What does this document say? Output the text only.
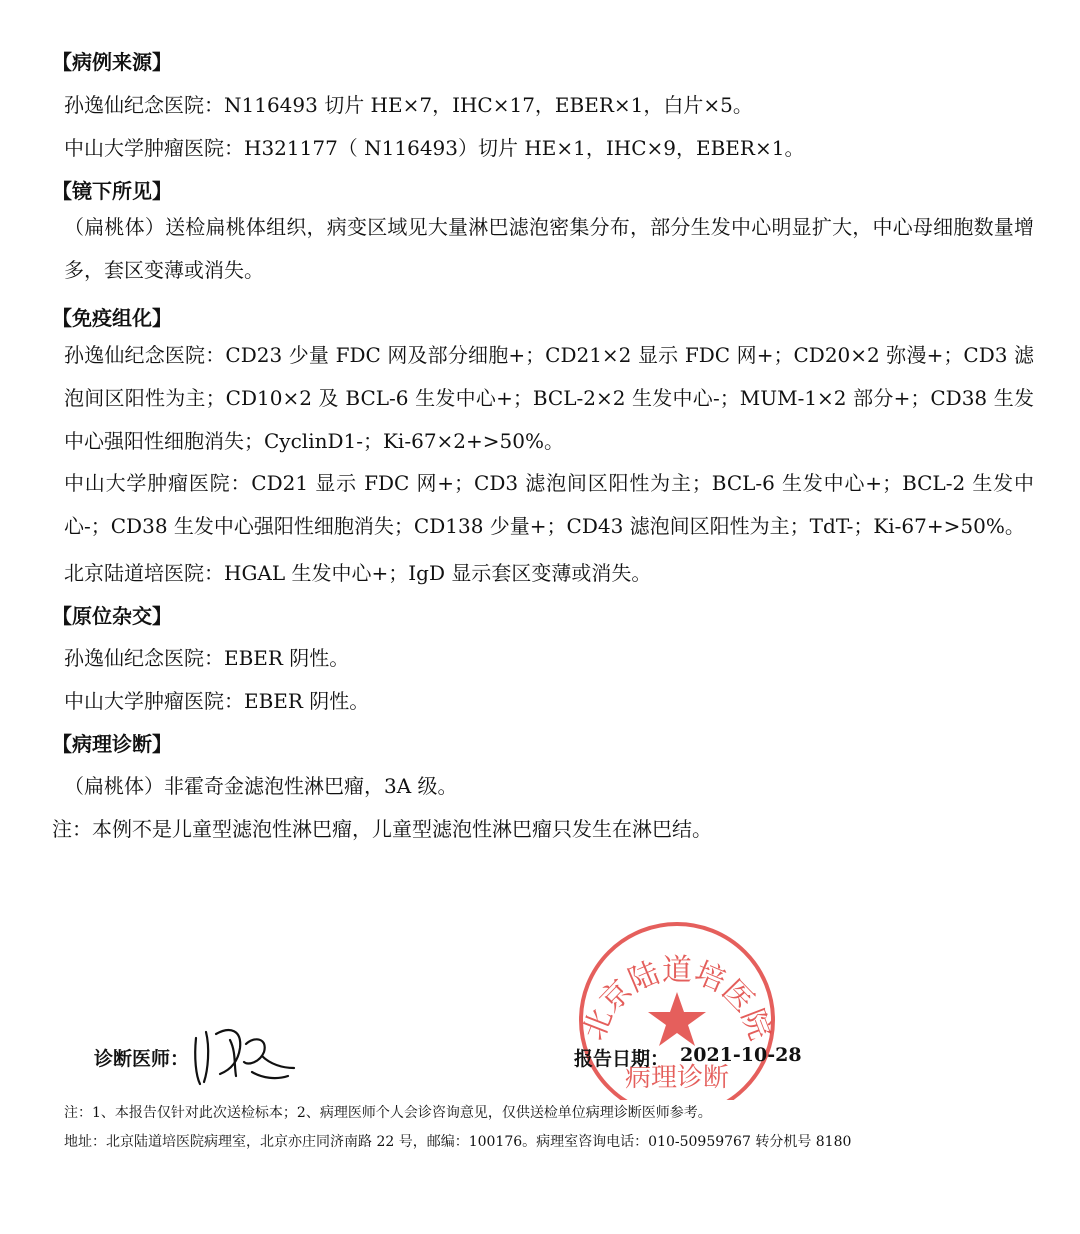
【病例来源】
孙逸仙纪念医院：N116493 切片 HE×7，IHC×17，EBER×1，白片×5。
中山大学肿瘤医院：H321177（ N116493）切片 HE×1，IHC×9，EBER×1。
【镜下所见】
（扁桃体）送检扁桃体组织，病变区域见大量淋巴滤泡密集分布，部分生发中心明显扩大，中心母细胞数量增多，套区变薄或消失。
【免疫组化】
孙逸仙纪念医院：CD23 少量 FDC 网及部分细胞+；CD21×2 显示 FDC 网+；CD20×2 弥漫+；CD3 滤泡间区阳性为主；CD10×2 及 BCL-6 生发中心+；BCL-2×2 生发中心-；MUM-1×2 部分+；CD38 生发中心强阳性细胞消失；CyclinD1-；Ki-67×2+>50%。
中山大学肿瘤医院：CD21 显示 FDC 网+；CD3 滤泡间区阳性为主；BCL-6 生发中心+；BCL-2 生发中心-；CD38 生发中心强阳性细胞消失；CD138 少量+；CD43 滤泡间区阳性为主；TdT-；Ki-67+>50%。
北京陆道培医院：HGAL 生发中心+；IgD 显示套区变薄或消失。
【原位杂交】
孙逸仙纪念医院：EBER 阴性。
中山大学肿瘤医院：EBER 阴性。
【病理诊断】
（扁桃体）非霍奇金滤泡性淋巴瘤，3A 级。
注：本例不是儿童型滤泡性淋巴瘤，儿童型滤泡性淋巴瘤只发生在淋巴结。
北京陆道培医院
病理诊断
诊断医师：	报告日期： 2021-10-28
注：1、本报告仅针对此次送检标本；2、病理医师个人会诊咨询意见，仅供送检单位病理诊断医师参考。
地址：北京陆道培医院病理室，北京亦庄同济南路 22 号，邮编：100176。病理室咨询电话：010-50959767 转分机号 8180
